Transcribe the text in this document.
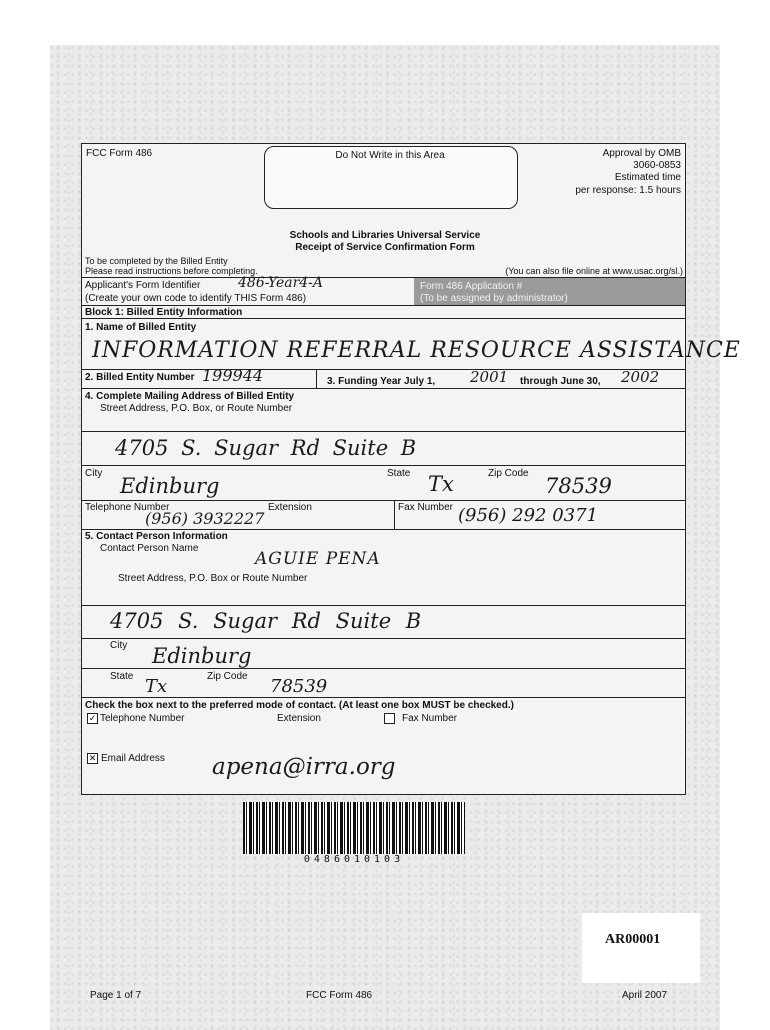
FCC Form 486	Do Not Write in this Area	Approval by OMB
3060-0853
Estimated time
per response: 1.5 hours
Schools and Libraries Universal Service
Receipt of Service Confirmation Form
To be completed by the Billed Entity
Please read instructions before completing.	(You can also file online at www.usac.org/sl.)
Applicant's Form Identifier	486-Year4-A
(Create your own code to identify THIS Form 486)
Form 486 Application #
(To be assigned by administrator)
Block 1: Billed Entity Information
1. Name of Billed Entity
INFORMATION REFERRAL RESOURCE ASSISTANCE
2. Billed Entity Number 199944	3. Funding Year July 1, 2001 through June 30, 2002
4. Complete Mailing Address of Billed Entity
Street Address, P.O. Box, or Route Number
4705 S. Sugar Rd Suite B
City
Edinburg
State Tx	Zip Code
78539
Telephone Number	Extension
(956) 3932227
Fax Number (956) 292 0371
5. Contact Person Information
Contact Person Name
AGUIE PENA
Street Address, P.O. Box or Route Number
4705 S. Sugar Rd Suite B
City Edinburg
State Tx	Zip Code 78539
Check the box next to the preferred mode of contact. (At least one box MUST be checked.)
✓ Telephone Number	Extension	Fax Number
✕ Email Address apena@irra.org
0486010103
AR00001
Page 1 of 7	FCC Form 486	April 2007
